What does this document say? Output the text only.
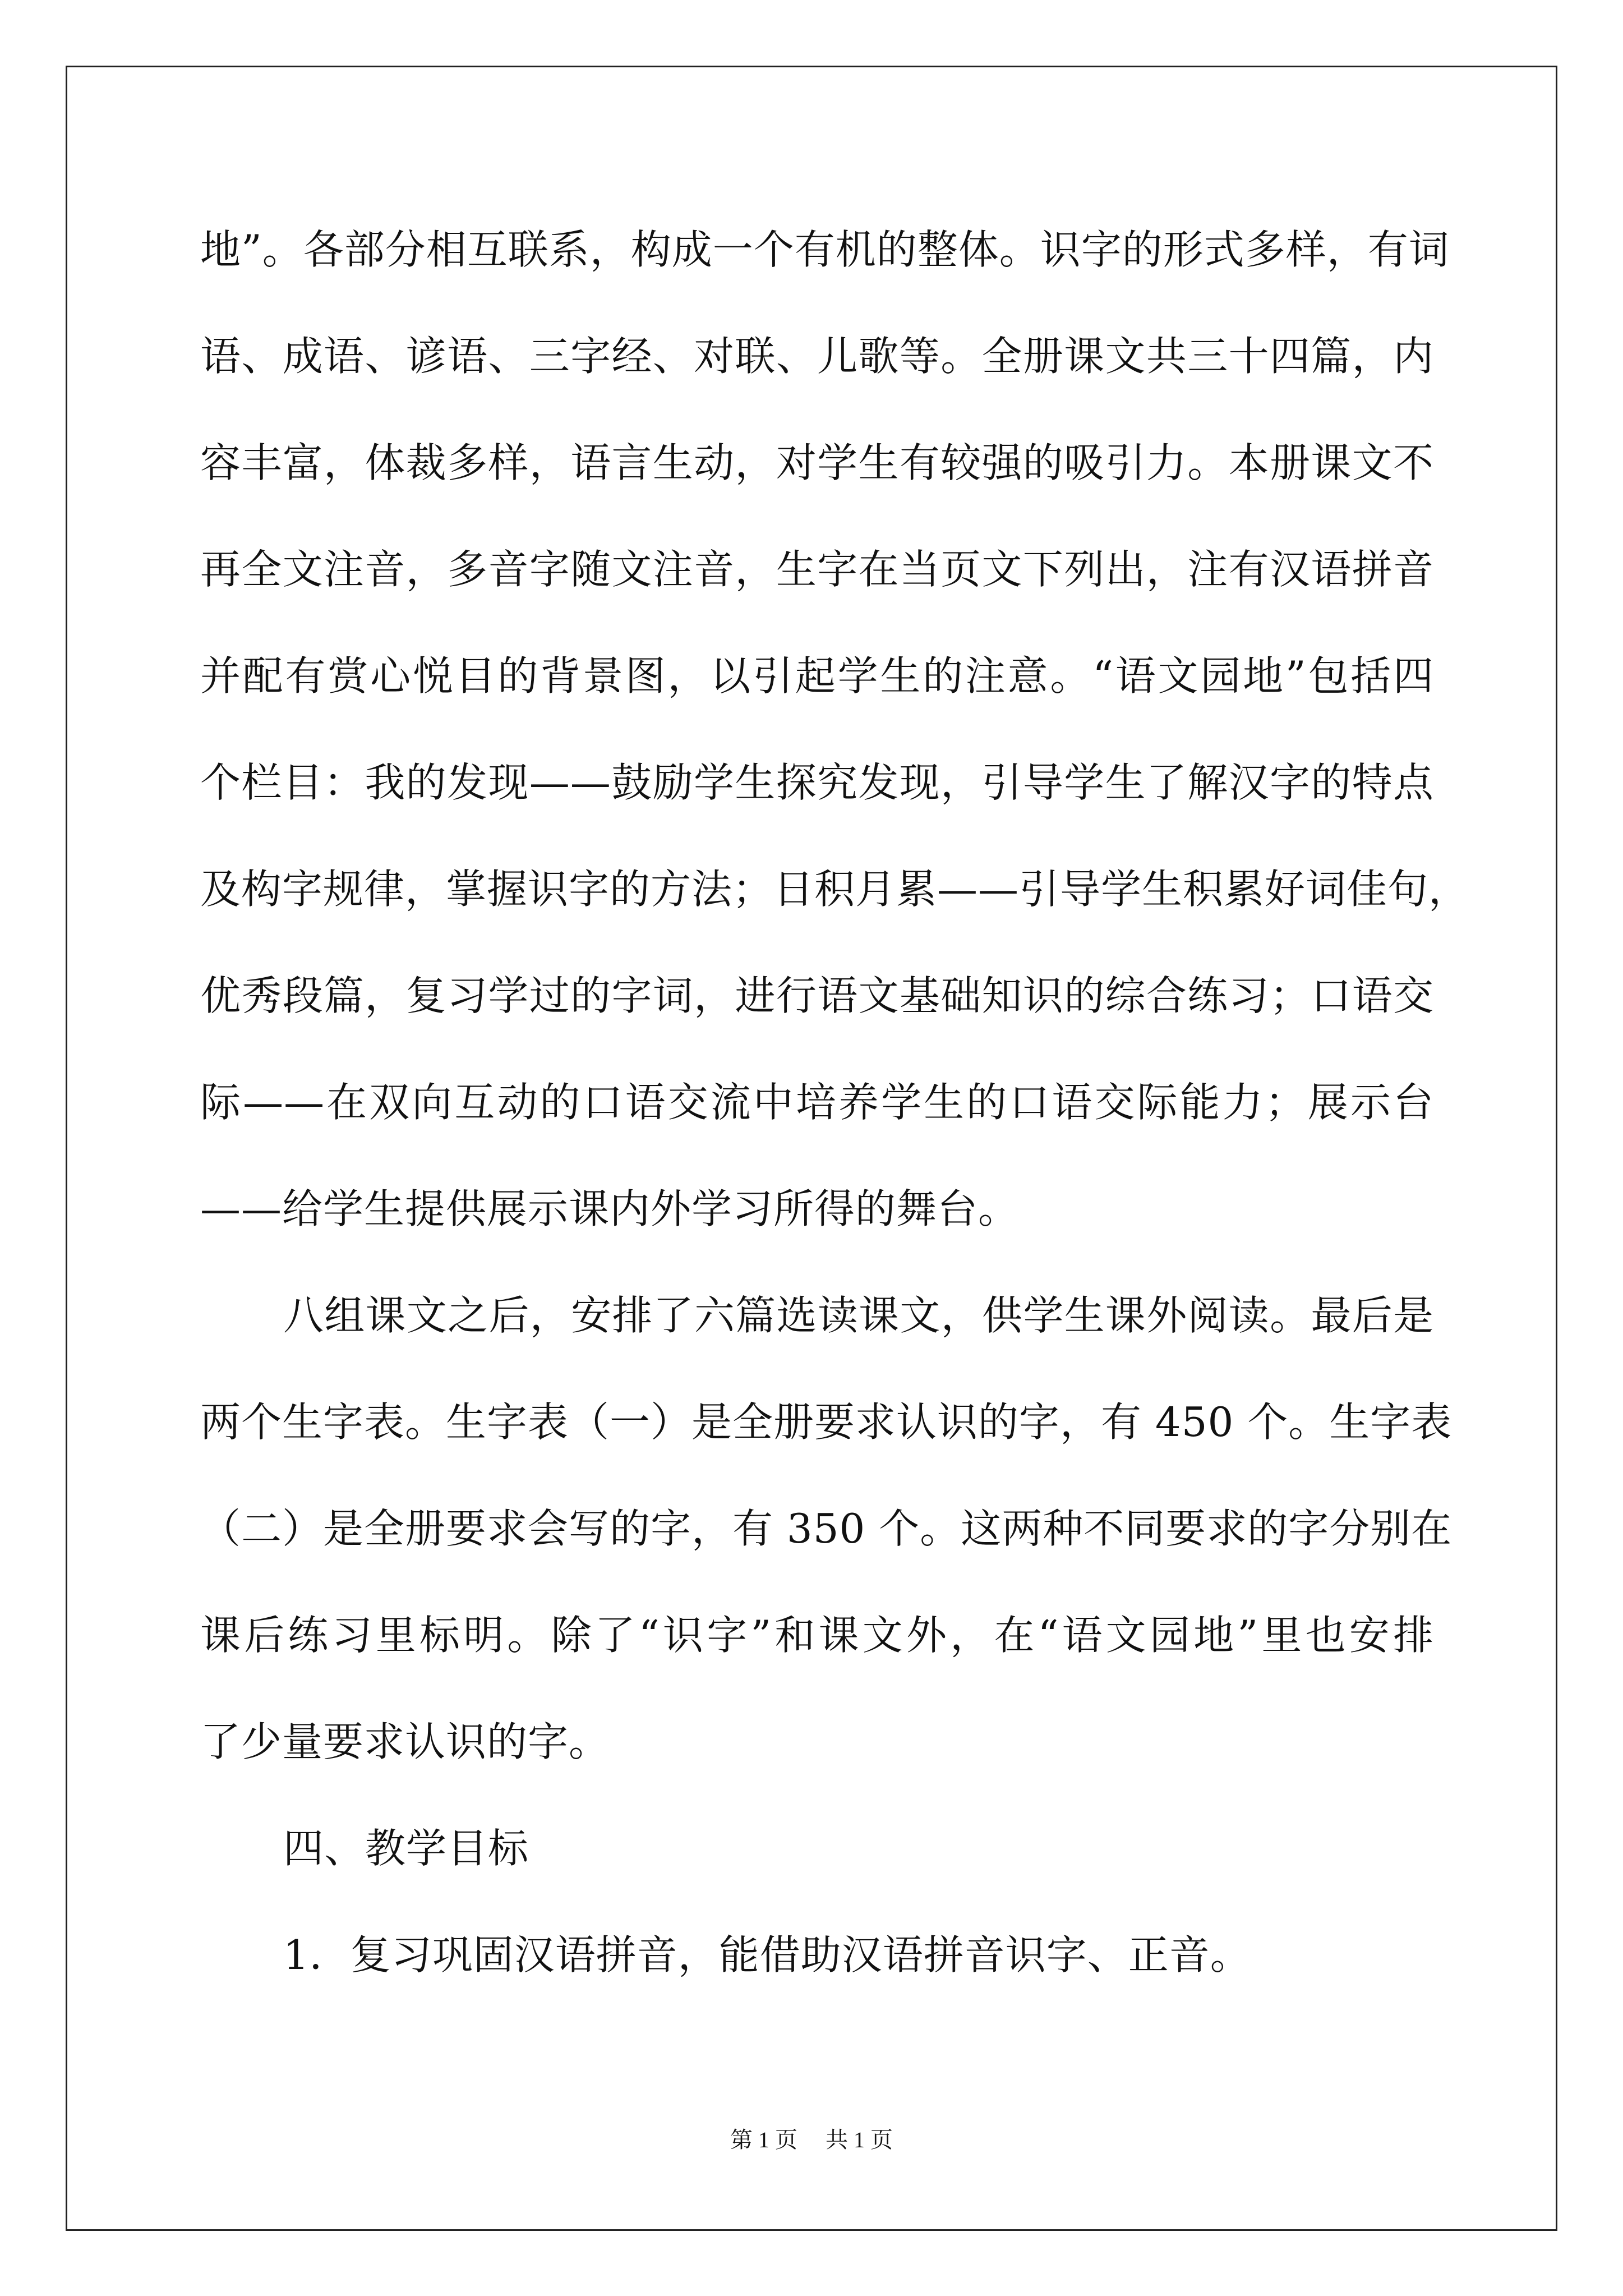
地”。各部分相互联系，构成一个有机的整体。识字的形式多样，有词
语、成语、谚语、三字经、对联、儿歌等。全册课文共三十四篇，内
容丰富，体裁多样，语言生动，对学生有较强的吸引力。本册课文不
再全文注音，多音字随文注音，生字在当页文下列出，注有汉语拼音
并配有赏心悦目的背景图，以引起学生的注意。“语文园地”包括四
个栏目：我的发现——鼓励学生探究发现，引导学生了解汉字的特点
及构字规律，掌握识字的方法；日积月累——引导学生积累好词佳句，
优秀段篇，复习学过的字词，进行语文基础知识的综合练习；口语交
际——在双向互动的口语交流中培养学生的口语交际能力；展示台
——给学生提供展示课内外学习所得的舞台。
八组课文之后，安排了六篇选读课文，供学生课外阅读。最后是
两个生字表。生字表（一）是全册要求认识的字，有 450 个。生字表
（二）是全册要求会写的字，有 350 个。这两种不同要求的字分别在
课后练习里标明。除了“识字”和课文外，在“语文园地”里也安排
了少量要求认识的字。
四、教学目标
1．复习巩固汉语拼音，能借助汉语拼音识字、正音。
第 1 页 共 1 页
